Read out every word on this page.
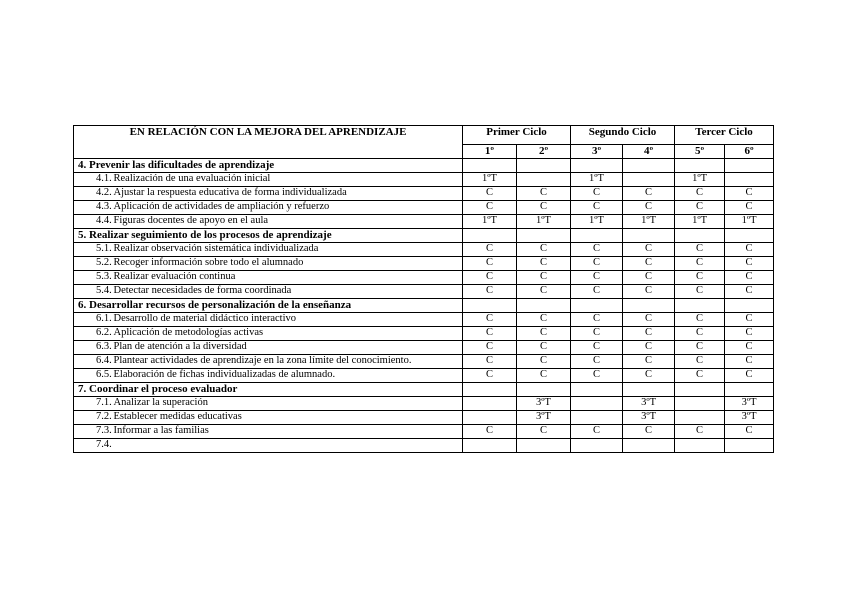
EN RELACIÓN CON LA MEJORA DEL APRENDIZAJE		Primer Ciclo		Segundo Ciclo		Tercer Ciclo	
		1º	2º	3º	4º	5º	6º
4. Prevenir las dificultades de aprendizaje							
4.1.	Realización de una evaluación inicial	1ºT		1ºT		1ºT	
4.2.	Ajustar la respuesta educativa de forma individualizada	C	C	C	C	C	C
4.3.	Aplicación de actividades de ampliación y refuerzo	C	C	C	C	C	C
4.4.	Figuras docentes de apoyo en el aula	1ºT	1ºT	1ºT	1ºT	1ºT	1ºT
5. Realizar seguimiento de los procesos de aprendizaje							
5.1.	Realizar observación sistemática individualizada	C	C	C	C	C	C
5.2.	Recoger información sobre todo el alumnado	C	C	C	C	C	C
5.3.	Realizar evaluación continua	C	C	C	C	C	C
5.4.	Detectar necesidades de forma coordinada	C	C	C	C	C	C
6. Desarrollar recursos de personalización de la enseñanza							
6.1.	Desarrollo de material didáctico interactivo	C	C	C	C	C	C
6.2.	Aplicación de metodologías activas	C	C	C	C	C	C
6.3.	Plan de atención a la diversidad	C	C	C	C	C	C
6.4.	Plantear actividades de aprendizaje en la zona límite del conocimiento.	C	C	C	C	C	C
6.5.	Elaboración de fichas individualizadas de alumnado.	C	C	C	C	C	C
7. Coordinar el proceso evaluador							
7.1.	Analizar la superación		3ºT		3ºT		3ºT
7.2.	Establecer medidas educativas		3ºT		3ºT		3ºT
7.3.	Informar a las familias	C	C	C	C	C	C
7.4.							
